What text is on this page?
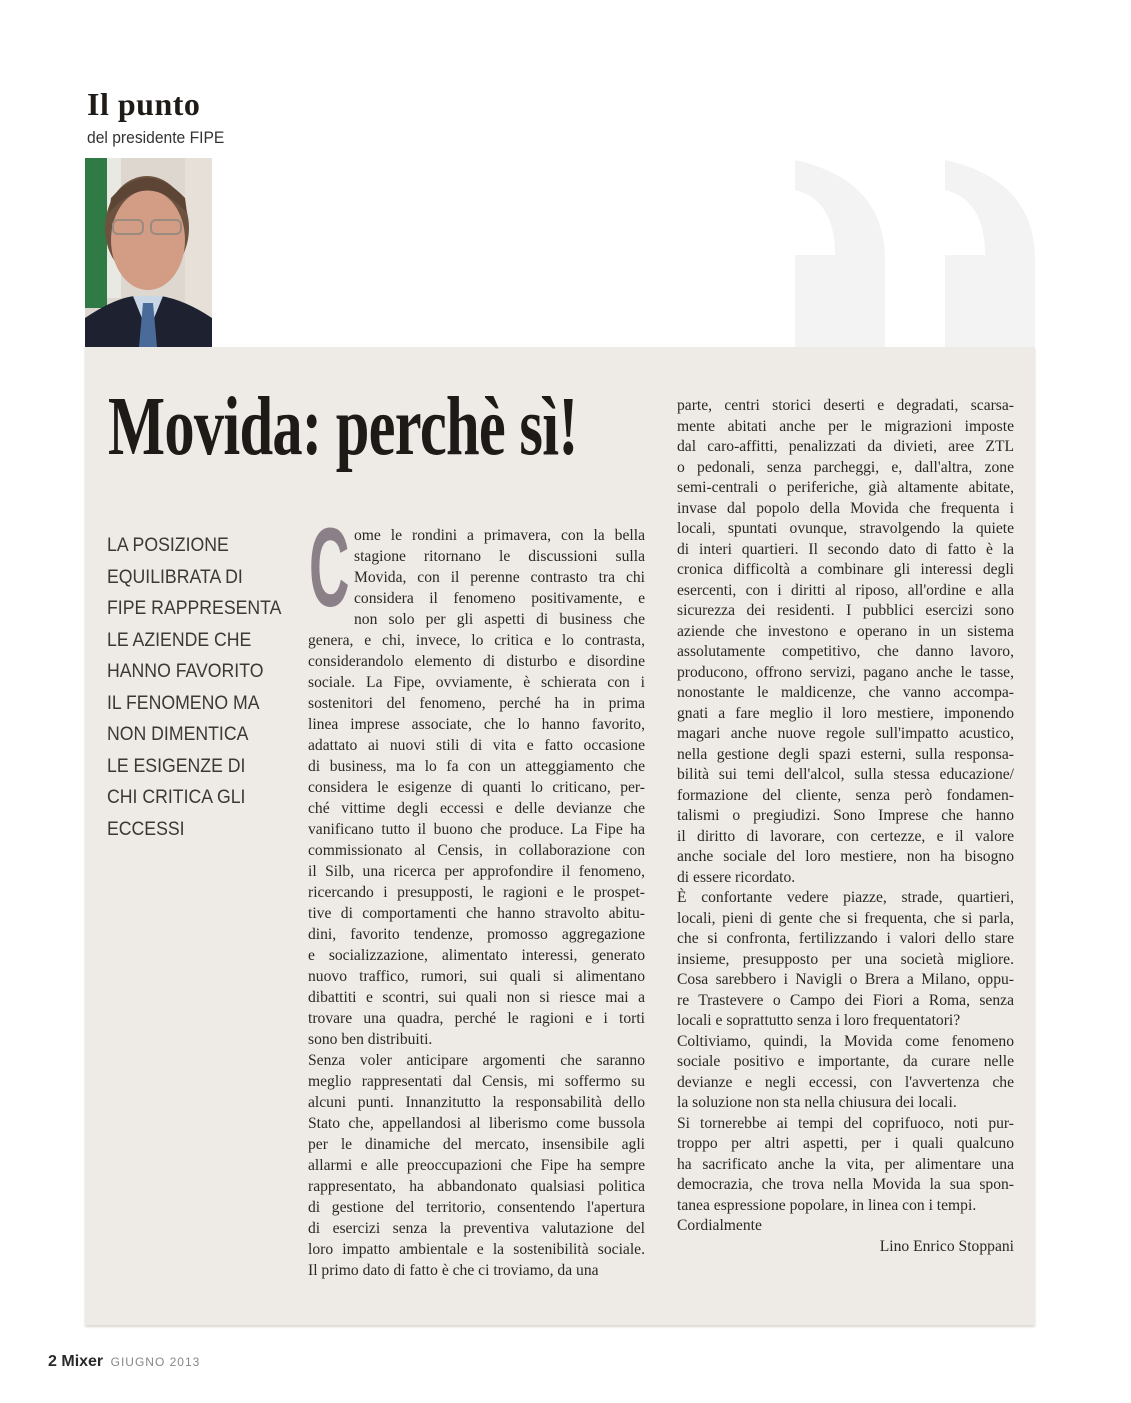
Il punto
del presidente FIPE
Movida: perchè sì!
LA POSIZIONE
EQUILIBRATA DI
FIPE RAPPRESENTA
LE AZIENDE CHE
HANNO FAVORITO
IL FENOMENO MA
NON DIMENTICA
LE ESIGENZE DI
CHI CRITICA GLI
ECCESSI
C ome le rondini a primavera, con la bella
stagione ritornano le discussioni sulla
Movida, con il perenne contrasto tra chi
considera il fenomeno positivamente, e
non solo per gli aspetti di business che
genera, e chi, invece, lo critica e lo contrasta,
considerandolo elemento di disturbo e disordine
sociale. La Fipe, ovviamente, è schierata con i
sostenitori del fenomeno, perché ha in prima
linea imprese associate, che lo hanno favorito,
adattato ai nuovi stili di vita e fatto occasione
di business, ma lo fa con un atteggiamento che
considera le esigenze di quanti lo criticano, per-
ché vittime degli eccessi e delle devianze che
vanificano tutto il buono che produce. La Fipe ha
commissionato al Censis, in collaborazione con
il Silb, una ricerca per approfondire il fenomeno,
ricercando i presupposti, le ragioni e le prospet-
tive di comportamenti che hanno stravolto abitu-
dini, favorito tendenze, promosso aggregazione
e socializzazione, alimentato interessi, generato
nuovo traffico, rumori, sui quali si alimentano
dibattiti e scontri, sui quali non si riesce mai a
trovare una quadra, perché le ragioni e i torti
sono ben distribuiti.
Senza voler anticipare argomenti che saranno
meglio rappresentati dal Censis, mi soffermo su
alcuni punti. Innanzitutto la responsabilità dello
Stato che, appellandosi al liberismo come bussola
per le dinamiche del mercato, insensibile agli
allarmi e alle preoccupazioni che Fipe ha sempre
rappresentato, ha abbandonato qualsiasi politica
di gestione del territorio, consentendo l'apertura
di esercizi senza la preventiva valutazione del
loro impatto ambientale e la sostenibilità sociale.
Il primo dato di fatto è che ci troviamo, da una
parte, centri storici deserti e degradati, scarsa-
mente abitati anche per le migrazioni imposte
dal caro-affitti, penalizzati da divieti, aree ZTL
o pedonali, senza parcheggi, e, dall'altra, zone
semi-centrali o periferiche, già altamente abitate,
invase dal popolo della Movida che frequenta i
locali, spuntati ovunque, stravolgendo la quiete
di interi quartieri. Il secondo dato di fatto è la
cronica difficoltà a combinare gli interessi degli
esercenti, con i diritti al riposo, all'ordine e alla
sicurezza dei residenti. I pubblici esercizi sono
aziende che investono e operano in un sistema
assolutamente competitivo, che danno lavoro,
producono, offrono servizi, pagano anche le tasse,
nonostante le maldicenze, che vanno accompa-
gnati a fare meglio il loro mestiere, imponendo
magari anche nuove regole sull'impatto acustico,
nella gestione degli spazi esterni, sulla responsa-
bilità sui temi dell'alcol, sulla stessa educazione/
formazione del cliente, senza però fondamen-
talismi o pregiudizi. Sono Imprese che hanno
il diritto di lavorare, con certezze, e il valore
anche sociale del loro mestiere, non ha bisogno
di essere ricordato.
È confortante vedere piazze, strade, quartieri,
locali, pieni di gente che si frequenta, che si parla,
che si confronta, fertilizzando i valori dello stare
insieme, presupposto per una società migliore.
Cosa sarebbero i Navigli o Brera a Milano, oppu-
re Trastevere o Campo dei Fiori a Roma, senza
locali e soprattutto senza i loro frequentatori?
Coltiviamo, quindi, la Movida come fenomeno
sociale positivo e importante, da curare nelle
devianze e negli eccessi, con l'avvertenza che
la soluzione non sta nella chiusura dei locali.
Si tornerebbe ai tempi del coprifuoco, noti pur-
troppo per altri aspetti, per i quali qualcuno
ha sacrificato anche la vita, per alimentare una
democrazia, che trova nella Movida la sua spon-
tanea espressione popolare, in linea con i tempi.
Cordialmente
Lino Enrico Stoppani
2 Mixer GIUGNO 2013
